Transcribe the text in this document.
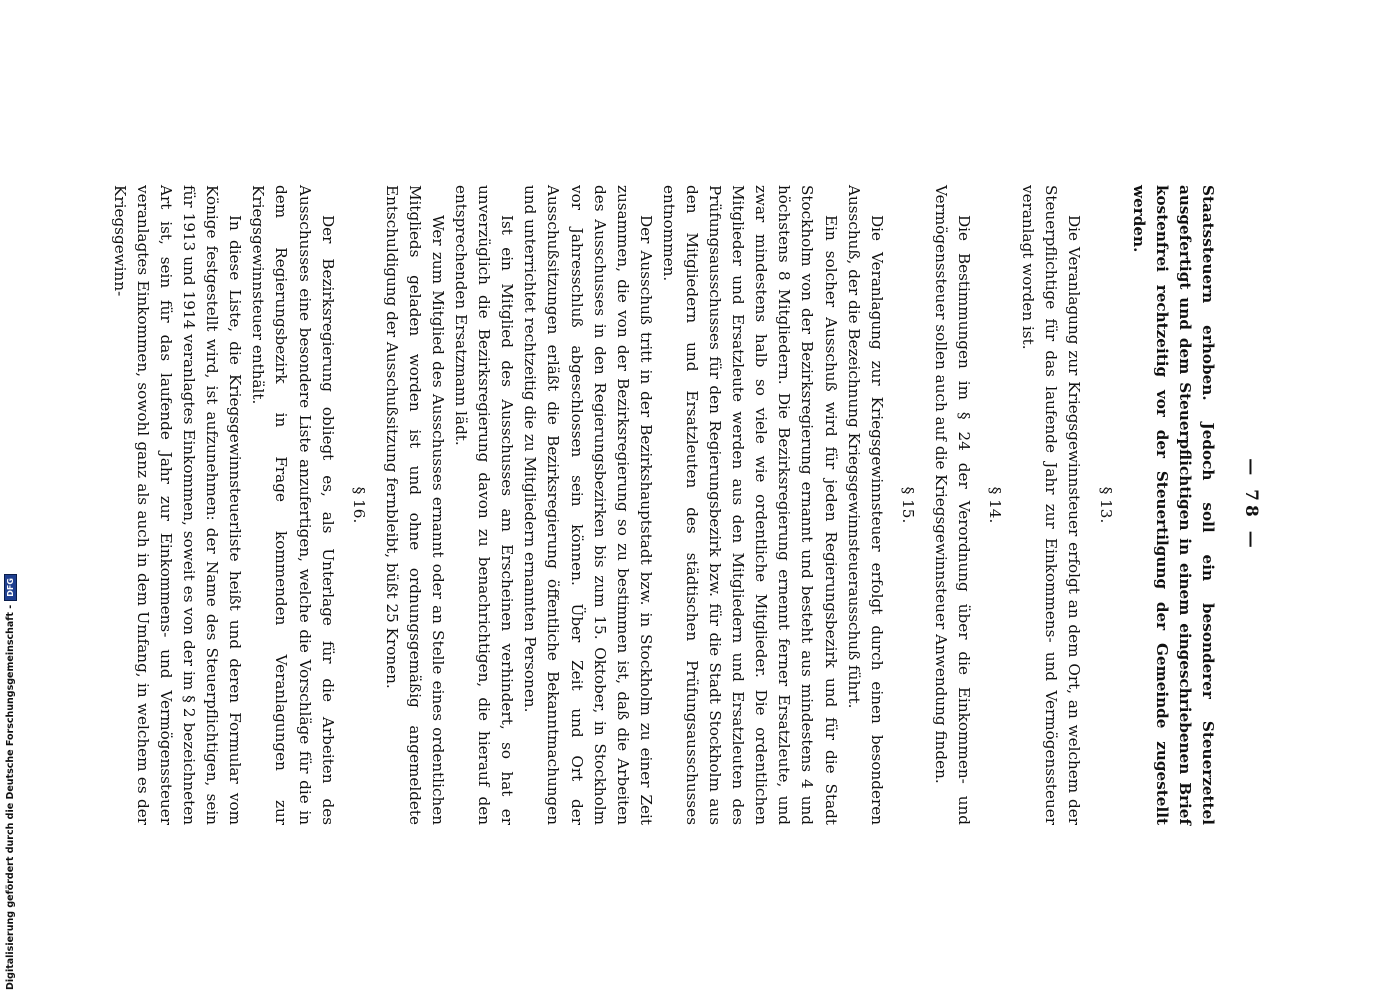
— 78 —

Staatssteuern erhoben. Jedoch soll ein besonderer Steuerzettel ausgefertigt und dem Steuerpflichtigen in einem eingeschriebenen Brief kostenfrei rechtzeitig vor der Steuertilgung der Gemeinde zugestellt werden.

§ 13.

Die Veranlagung zur Kriegsgewinnsteuer erfolgt an dem Ort, an welchem der Steuerpflichtige für das laufende Jahr zur Einkommens- und Vermögenssteuer veranlagt worden ist.

§ 14.

Die Bestimmungen im § 24 der Verordnung über die Einkommen- und Vermögenssteuer sollen auch auf die Kriegsgewinnsteuer Anwendung finden.

§ 15.

Die Veranlagung zur Kriegsgewinnsteuer erfolgt durch einen besonderen Ausschuß, der die Bezeichnung Kriegsgewinnsteuerausschuß führt.

Ein solcher Ausschuß wird für jeden Regierungsbezirk und für die Stadt Stockholm von der Bezirksregierung ernannt und besteht aus mindestens 4 und höchstens 8 Mitgliedern. Die Bezirksregierung ernennt ferner Ersatzleute, und zwar mindestens halb so viele wie ordentliche Mitglieder. Die ordentlichen Mitglieder und Ersatzleute werden aus den Mitgliedern und Ersatzleuten des Prüfungsausschusses für den Regierungsbezirk bzw. für die Stadt Stockholm aus den Mitgliedern und Ersatzleuten des städtischen Prüfungsausschusses entnommen.

Der Ausschuß tritt in der Bezirkshauptstadt bzw. in Stockholm zu einer Zeit zusammen, die von der Bezirksregierung so zu bestimmen ist, daß die Arbeiten des Ausschusses in den Regierungsbezirken bis zum 15. Oktober, in Stockholm vor Jahresschluß abgeschlossen sein können. Über Zeit und Ort der Ausschußsitzungen erläßt die Bezirksregierung öffentliche Bekanntmachungen und unterrichtet rechtzeitig die zu Mitgliedern ernannten Personen.

Ist ein Mitglied des Ausschusses am Erscheinen verhindert, so hat er unverzüglich die Bezirksregierung davon zu benachrichtigen, die hierauf den entsprechenden Ersatzmann lädt.

Wer zum Mitglied des Ausschusses ernannt oder an Stelle eines ordentlichen Mitglieds geladen worden ist und ohne ordnungsgemäßig angemeldete Entschuldigung der Ausschußsitzung fernbleibt, büßt 25 Kronen.

§ 16.

Der Bezirksregierung obliegt es, als Unterlage für die Arbeiten des Ausschusses eine besondere Liste anzufertigen, welche die Vorschläge für die in dem Regierungsbezirk in Frage kommenden Veranlagungen zur Kriegsgewinnsteuer enthält.

In diese Liste, die Kriegsgewinnsteuerliste heißt und deren Formular vom Könige festgestellt wird, ist aufzunehmen: der Name des Steuerpflichtigen, sein für 1913 und 1914 veranlagtes Einkommen, soweit es von der im § 2 bezeichneten Art ist, sein für das laufende Jahr zur Einkommens- und Vermögenssteuer veranlagtes Einkommen, sowohl ganz als auch in dem Umfang, in welchem es der Kriegsgewinn-

Digitalisierung gefördert durch die Deutsche Forschungsgemeinschaft -
DFG
